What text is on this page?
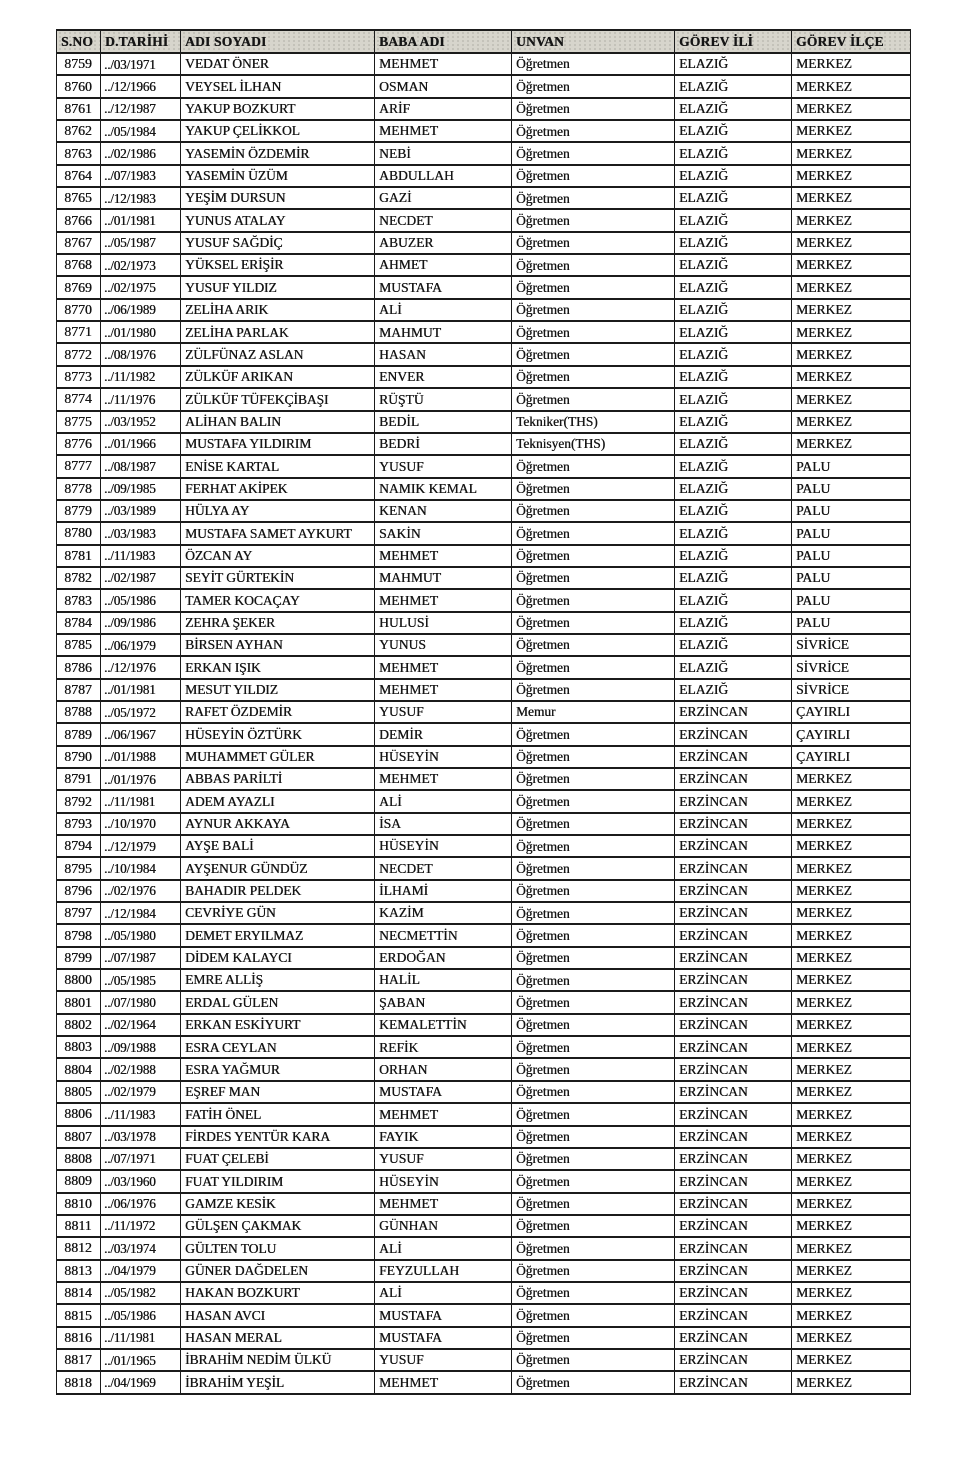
S.NO	D.TARİHİ	ADI SOYADI	BABA ADI	UNVAN	GÖREV İLİ	GÖREV İLÇE
8759	../03/1971	VEDAT ÖNER	MEHMET	Öğretmen	ELAZIĞ	MERKEZ
8760	../12/1966	VEYSEL İLHAN	OSMAN	Öğretmen	ELAZIĞ	MERKEZ
8761	../12/1987	YAKUP BOZKURT	ARİF	Öğretmen	ELAZIĞ	MERKEZ
8762	../05/1984	YAKUP ÇELİKKOL	MEHMET	Öğretmen	ELAZIĞ	MERKEZ
8763	../02/1986	YASEMİN ÖZDEMİR	NEBİ	Öğretmen	ELAZIĞ	MERKEZ
8764	../07/1983	YASEMİN ÜZÜM	ABDULLAH	Öğretmen	ELAZIĞ	MERKEZ
8765	../12/1983	YEŞİM DURSUN	GAZİ	Öğretmen	ELAZIĞ	MERKEZ
8766	../01/1981	YUNUS ATALAY	NECDET	Öğretmen	ELAZIĞ	MERKEZ
8767	../05/1987	YUSUF SAĞDİÇ	ABUZER	Öğretmen	ELAZIĞ	MERKEZ
8768	../02/1973	YÜKSEL ERİŞİR	AHMET	Öğretmen	ELAZIĞ	MERKEZ
8769	../02/1975	YUSUF YILDIZ	MUSTAFA	Öğretmen	ELAZIĞ	MERKEZ
8770	../06/1989	ZELİHA ARIK	ALİ	Öğretmen	ELAZIĞ	MERKEZ
8771	../01/1980	ZELİHA PARLAK	MAHMUT	Öğretmen	ELAZIĞ	MERKEZ
8772	../08/1976	ZÜLFÜNAZ ASLAN	HASAN	Öğretmen	ELAZIĞ	MERKEZ
8773	../11/1982	ZÜLKÜF ARIKAN	ENVER	Öğretmen	ELAZIĞ	MERKEZ
8774	../11/1976	ZÜLKÜF TÜFEKÇİBAŞI	RÜŞTÜ	Öğretmen	ELAZIĞ	MERKEZ
8775	../03/1952	ALİHAN BALIN	BEDİL	Tekniker(THS)	ELAZIĞ	MERKEZ
8776	../01/1966	MUSTAFA YILDIRIM	BEDRİ	Teknisyen(THS)	ELAZIĞ	MERKEZ
8777	../08/1987	ENİSE KARTAL	YUSUF	Öğretmen	ELAZIĞ	PALU
8778	../09/1985	FERHAT AKİPEK	NAMIK KEMAL	Öğretmen	ELAZIĞ	PALU
8779	../03/1989	HÜLYA AY	KENAN	Öğretmen	ELAZIĞ	PALU
8780	../03/1983	MUSTAFA SAMET AYKURT	SAKİN	Öğretmen	ELAZIĞ	PALU
8781	../11/1983	ÖZCAN AY	MEHMET	Öğretmen	ELAZIĞ	PALU
8782	../02/1987	SEYİT GÜRTEKİN	MAHMUT	Öğretmen	ELAZIĞ	PALU
8783	../05/1986	TAMER KOCAÇAY	MEHMET	Öğretmen	ELAZIĞ	PALU
8784	../09/1986	ZEHRA ŞEKER	HULUSİ	Öğretmen	ELAZIĞ	PALU
8785	../06/1979	BİRSEN AYHAN	YUNUS	Öğretmen	ELAZIĞ	SİVRİCE
8786	../12/1976	ERKAN IŞIK	MEHMET	Öğretmen	ELAZIĞ	SİVRİCE
8787	../01/1981	MESUT YILDIZ	MEHMET	Öğretmen	ELAZIĞ	SİVRİCE
8788	../05/1972	RAFET ÖZDEMİR	YUSUF	Memur	ERZİNCAN	ÇAYIRLI
8789	../06/1967	HÜSEYİN ÖZTÜRK	DEMİR	Öğretmen	ERZİNCAN	ÇAYIRLI
8790	../01/1988	MUHAMMET GÜLER	HÜSEYİN	Öğretmen	ERZİNCAN	ÇAYIRLI
8791	../01/1976	ABBAS PARİLTİ	MEHMET	Öğretmen	ERZİNCAN	MERKEZ
8792	../11/1981	ADEM AYAZLI	ALİ	Öğretmen	ERZİNCAN	MERKEZ
8793	../10/1970	AYNUR AKKAYA	İSA	Öğretmen	ERZİNCAN	MERKEZ
8794	../12/1979	AYŞE BALİ	HÜSEYİN	Öğretmen	ERZİNCAN	MERKEZ
8795	../10/1984	AYŞENUR GÜNDÜZ	NECDET	Öğretmen	ERZİNCAN	MERKEZ
8796	../02/1976	BAHADIR PELDEK	İLHAMİ	Öğretmen	ERZİNCAN	MERKEZ
8797	../12/1984	CEVRİYE GÜN	KAZİM	Öğretmen	ERZİNCAN	MERKEZ
8798	../05/1980	DEMET ERYILMAZ	NECMETTİN	Öğretmen	ERZİNCAN	MERKEZ
8799	../07/1987	DİDEM KALAYCI	ERDOĞAN	Öğretmen	ERZİNCAN	MERKEZ
8800	../05/1985	EMRE ALLİŞ	HALİL	Öğretmen	ERZİNCAN	MERKEZ
8801	../07/1980	ERDAL GÜLEN	ŞABAN	Öğretmen	ERZİNCAN	MERKEZ
8802	../02/1964	ERKAN ESKİYURT	KEMALETTİN	Öğretmen	ERZİNCAN	MERKEZ
8803	../09/1988	ESRA CEYLAN	REFİK	Öğretmen	ERZİNCAN	MERKEZ
8804	../02/1988	ESRA YAĞMUR	ORHAN	Öğretmen	ERZİNCAN	MERKEZ
8805	../02/1979	EŞREF MAN	MUSTAFA	Öğretmen	ERZİNCAN	MERKEZ
8806	../11/1983	FATİH ÖNEL	MEHMET	Öğretmen	ERZİNCAN	MERKEZ
8807	../03/1978	FİRDES YENTÜR KARA	FAYIK	Öğretmen	ERZİNCAN	MERKEZ
8808	../07/1971	FUAT ÇELEBİ	YUSUF	Öğretmen	ERZİNCAN	MERKEZ
8809	../03/1960	FUAT YILDIRIM	HÜSEYİN	Öğretmen	ERZİNCAN	MERKEZ
8810	../06/1976	GAMZE KESİK	MEHMET	Öğretmen	ERZİNCAN	MERKEZ
8811	../11/1972	GÜLŞEN ÇAKMAK	GÜNHAN	Öğretmen	ERZİNCAN	MERKEZ
8812	../03/1974	GÜLTEN TOLU	ALİ	Öğretmen	ERZİNCAN	MERKEZ
8813	../04/1979	GÜNER DAĞDELEN	FEYZULLAH	Öğretmen	ERZİNCAN	MERKEZ
8814	../05/1982	HAKAN BOZKURT	ALİ	Öğretmen	ERZİNCAN	MERKEZ
8815	../05/1986	HASAN AVCI	MUSTAFA	Öğretmen	ERZİNCAN	MERKEZ
8816	../11/1981	HASAN MERAL	MUSTAFA	Öğretmen	ERZİNCAN	MERKEZ
8817	../01/1965	İBRAHİM NEDİM ÜLKÜ	YUSUF	Öğretmen	ERZİNCAN	MERKEZ
8818	../04/1969	İBRAHİM YEŞİL	MEHMET	Öğretmen	ERZİNCAN	MERKEZ
